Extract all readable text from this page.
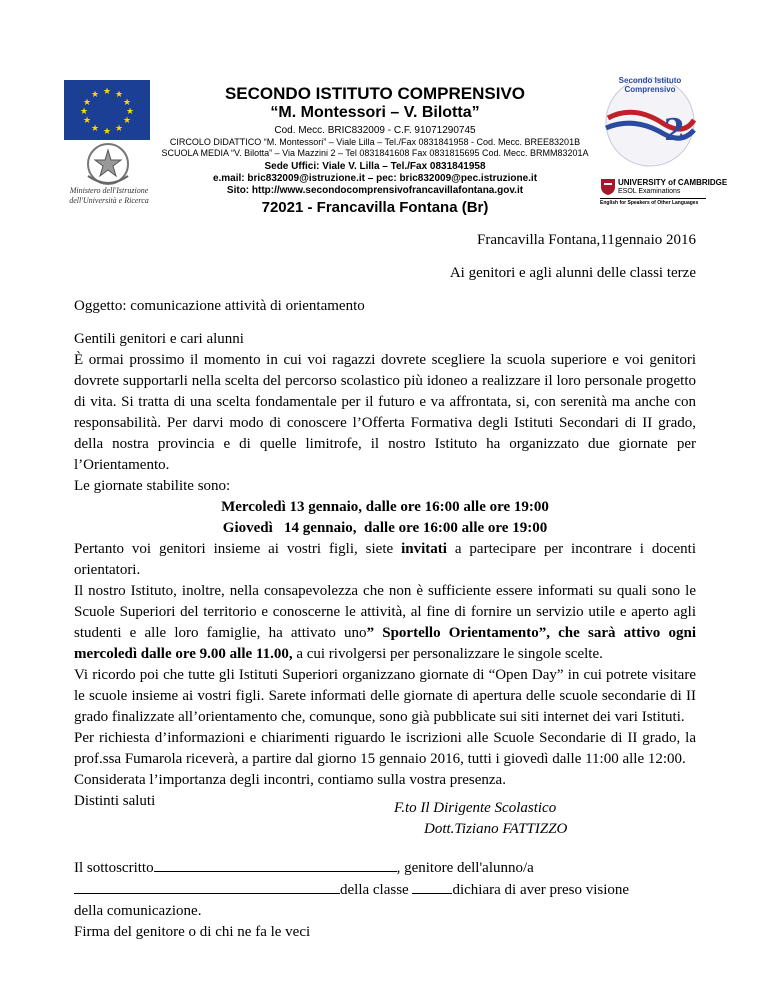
★ ★
★
★
★
★
★
★
★
★
★
★
Ministero dell'Istruzione dell'Università e Ricerca
SECONDO ISTITUTO COMPRENSIVO
“M. Montessori – V. Bilotta”
Cod. Mecc. BRIC832009 - C.F. 91071290745
CIRCOLO DIDATTICO “M. Montessori” – Viale Lilla – Tel./Fax 0831841958 - Cod. Mecc. BREE83201B
SCUOLA MEDIA “V. Bilotta” – Via Mazzini 2 – Tel 0831841608 Fax 0831815695 Cod. Mecc. BRMM83201A
Sede Uffici: Viale V. Lilla – Tel./Fax 0831841958
e.mail: bric832009@istruzione.it – pec: bric832009@pec.istruzione.it
Sito: http://www.secondocomprensivofrancavillafontana.gov.it
72021 - Francavilla Fontana (Br)
2
Secondo Istituto Comprensivo
UNIVERSITY of CAMBRIDGE
ESOL Examinations
English for Speakers of Other Languages
Francavilla Fontana,11gennaio 2016
Ai genitori e agli alunni delle classi terze
Oggetto: comunicazione attività di orientamento

Gentili genitori e cari alunni

È ormai prossimo il momento in cui voi ragazzi dovrete scegliere la scuola superiore e voi genitori dovrete supportarli nella scelta del percorso scolastico più idoneo a realizzare il loro personale progetto di vita. Si tratta di una scelta fondamentale per il futuro e va affrontata, si, con serenità ma anche con responsabilità. Per darvi modo di conoscere l’Offerta Formativa degli Istituti Secondari di II grado, della nostra provincia e di quelle limitrofe, il nostro Istituto ha organizzato due giornate per l’Orientamento.

Le giornate stabilite sono:

Mercoledì 13 gennaio, dalle ore 16:00 alle ore 19:00

Giovedì   14 gennaio,  dalle ore 16:00 alle ore 19:00

Pertanto voi genitori insieme ai vostri figli, siete invitati a partecipare per incontrare i docenti orientatori.

Il nostro Istituto, inoltre, nella consapevolezza che non è sufficiente essere informati su quali sono le Scuole Superiori del territorio e conoscerne le attività, al fine di fornire un servizio utile e aperto agli studenti e alle loro famiglie, ha attivato uno” Sportello Orientamento”, che sarà attivo ogni mercoledì dalle ore 9.00 alle 11.00, a cui rivolgersi per personalizzare le singole scelte.

Vi ricordo poi che tutte gli Istituti Superiori organizzano giornate di “Open Day” in cui potrete visitare le scuole insieme ai vostri figli. Sarete informati delle giornate di apertura delle scuole secondarie di II grado finalizzate all’orientamento che, comunque, sono già pubblicate sui siti internet dei vari Istituti.

Per richiesta d’informazioni e chiarimenti riguardo le iscrizioni alle Scuole Secondarie di II grado, la prof.ssa Fumarola riceverà, a partire dal giorno 15 gennaio 2016, tutti i giovedì dalle 11:00 alle 12:00.

Considerata l’importanza degli incontri, contiamo sulla vostra presenza.

Distinti saluti	F.to Il Dirigente Scolastico
Dott.Tiziano FATTIZZO

Il sottoscritto	, genitore dell'alunno/a

della classe	dichiara di aver preso visione

della comunicazione.

Firma del genitore o di chi ne fa le veci
